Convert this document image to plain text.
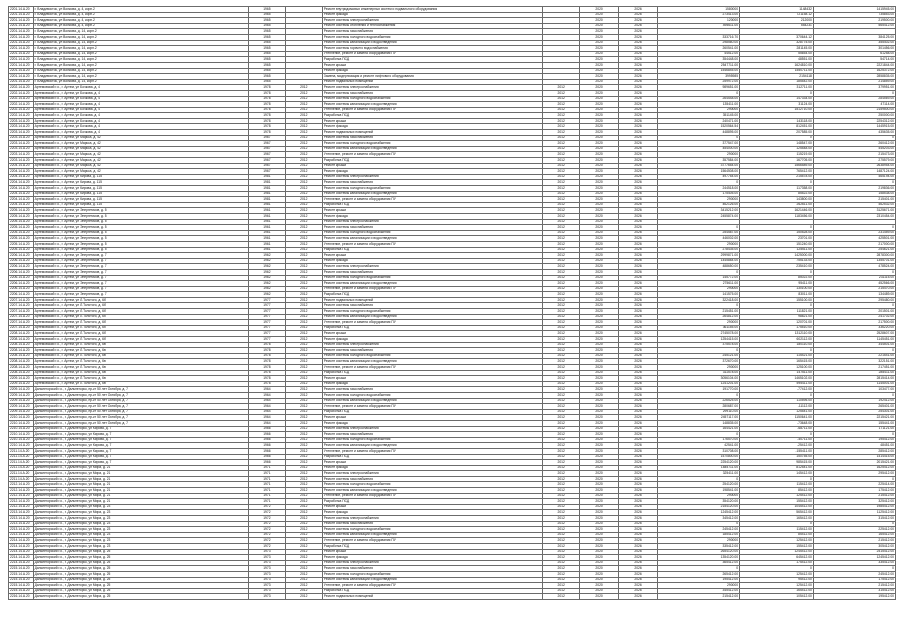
2201.14.A.20	г. Владивосток, ул Волкова, д. 4, корп.2	1965		Ремонт внутридомовых инженерных систем и подвального оборудования		2020	2026	1580000	1148432	1415945.00
2201.14.A.20	г. Владивосток, ул Волкова, д. 4, корп.2	1965		Ремонт фасада		2020	2026	273413.00	721158.12	735853.00
2201.14.A.20	г. Владивосток, ул Волкова, д. 4, корп.2	1965		Ремонт системы электроснабжения		2020	2026	120000	212000	219500.00
2201.14.A.20	г. Владивосток, ул Волкова, д. 4, корп.2	1965		Ремонт системы отопления и теплоснабжения		2020	2026	495611.00	554231	565412.00
2201.14.A.20	г. Владивосток, ул Волкова, д. 14, корп.2	1965		Ремонт системы газоснабжения		2020	2026			
2201.14.A.20	г. Владивосток, ул Волкова, д. 14, корп.2	1965		Ремонт системы холодного водоснабжения		2020	2026	333716.70	370644.12	384125.00
2201.14.A.20	г. Владивосток, ул Волкова, д. 14, корп.2	1965		Ремонт системы канализации и водоотведения		2020	2026	298560.00	328775.00	355402.00
2201.14.A.20	г. Владивосток, ул Волкова, д. 14, корп.2	1965		Ремонт системы горячего водоснабжения		2020	2026	260541.00	281145.00	301456.00
2201.14.A.20	г. Владивосток, ул Волкова, д. 14, корп.2	1965		Утепление, ремонт и замена оборудования ПУ		2020	2026	44512.00	55654.00	61258.00
2201.14.A.20	г. Владивосток, ул Волкова, д. 14, корп.2	1965		Разработка ПСД		2020	2026	354448.00	48551.00	54714.00
2201.14.A.20	г. Владивосток, ул Волкова, д. 14, корп.2	1965		Ремонт крыши		2020	2026	2547711.00	1624810.00	2221844.00
2201.14.A.20	г. Владивосток, ул Волкова, д. 14, корп.2	1965		Ремонт фасада		2020	2026	1546845.00	1550711.00	1625372.00
2201.14.A.20	г. Владивосток, ул Волкова, д. 14, корп.2	1965		Замена, модернизация и ремонт лифтового оборудования		2020	2026	3995985	2154118	2858835.00
2201.14.A.20	г. Владивосток, ул Волкова, д. 14, корп.2	1965		Ремонт подвальных помещений		2020	2026	259972.00	185542.00	214859.00
2202.14.A.20	Артемовский г.о., г. Артем, ул Бочкова, д. 4	1978	2012	Ремонт системы электроснабжения	2012	2020	2026	989651.00	312711.00	379951.00
2202.14.A.20	Артемовский г.о., г. Артем, ул Бочкова, д. 4	1978	2012	Ремонт системы газоснабжения	2012	2020	2026	0	0	0
2202.14.A.20	Артемовский г.о., г. Артем, ул Бочкова, д. 4	1978	2012	Ремонт системы холодного водоснабжения	2012	2020	2026	264548.00	147334.00	284569.00
2202.14.A.20	Артемовский г.о., г. Артем, ул Бочкова, д. 4	1978	2012	Ремонт системы канализации и водоотведения	2012	2020	2026	135411.00	31124.00	47114.00
2202.14.A.20	Артемовский г.о., г. Артем, ул Бочкова, д. 4	1978	2012	Утепление, ремонт и замена оборудования ПУ	2012	2020	2026	290000	1512710.00	2159500.00
2202.14.A.20	Артемовский г.о., г. Артем, ул Бочкова, д. 4	1978	2012	Разработка ПСД	2012	2020	2026	351145.00		250000.00
2203.14.A.20	Артемовский г.о., г. Артем, ул Бочкова, д. 4	1978	2012	Ремонт крыши	2012	2020	2026	240471.00	143118.00	2254312.00
2203.14.A.20	Артемовский г.о., г. Артем, ул Бочкова, д. 4	1978	2012	Ремонт фасада	2012	2020	2026	1520564.54	812451.00	1445915.00
2203.14.A.20	Артемовский г.о., г. Артем, ул Бочкова, д. 4	1978	2012	Ремонт подвальных помещений	2012	2020	2026	448895.00	207585.00	435635.00
2203.14.A.20	Артемовский г.о., г. Артем, ул Маркса, д. 42	1967	2012	Ремонт системы газоснабжения	2012	2020	2026	0	0	0
2203.14.A.20	Артемовский г.о., г. Артем, ул Маркса, д. 42	1967	2012	Ремонт системы холодного водоснабжения	2012	2020	2026	377547.00	148547.00	260412.00
2203.14.A.20	Артемовский г.о., г. Артем, ул Маркса, д. 42	1967	2012	Ремонт системы канализации и водоотведения	2012	2020	2026	454000.00	125548.00	445203.00
2203.14.A.20	Артемовский г.о., г. Артем, ул Маркса, д. 42	1967	2012	Утепление, ремонт и замена оборудования ПУ	2012	2020	2026	290000	115219.00	215473.00
2203.14.A.20	Артемовский г.о., г. Артем, ул Маркса, д. 42	1967	2012	Разработка ПСД	2012	2020	2026	357584.00	167705.00	275579.00
2204.14.A.20	Артемовский г.о., г. Артем, ул Маркса, д. 42	1967	2012	Ремонт крыши	2012	2020	2026	3777654.00	1566589.00	2638954.00
2204.14.A.20	Артемовский г.о., г. Артем, ул Маркса, д. 42	1967	2012	Ремонт фасада	2012	2020	2026	1564508.00	765412.00	1487124.00
2204.14.A.20	Артемовский г.о., г. Артем, ул Кирова, д. 115	1981	2012	Ремонт системы электроснабжения	2012	2020	2026	497754.00	215578.00	465194.00
2204.14.A.20	Артемовский г.о., г. Артем, ул Кирова, д. 115	1981	2012	Ремонт системы газоснабжения	2012	2020	2026	0	0	0
2204.14.A.20	Артемовский г.о., г. Артем, ул Кирова, д. 115	1981	2012	Ремонт системы холодного водоснабжения	2012	2020	2026	244518.00	117358.00	219836.00
2204.14.A.20	Артемовский г.о., г. Артем, ул Кирова, д. 115	1981	2012	Ремонт системы канализации и водоотведения	2012	2020	2026	175405.00	85522.00	158538.00
2204.14.A.20	Артемовский г.о., г. Артем, ул Кирова, д. 115	1981	2012	Утепление, ремонт и замена оборудования ПУ	2012	2020	2026	290000	143800.00	215401.00
2204.14.A.20	Артемовский г.о., г. Артем, ул Кирова, д. 115	1981	2012	Разработка ПСД	2012	2020	2026	462126.00	262611.00	462532.00
2205.14.A.20	Артемовский г.о., г. Артем, ул Энергетиков, д. 5	1961	2012	Ремонт крыши	2012	2020	2026	3415212.00	1621446.00	3125671.00
2205.14.A.20	Артемовский г.о., г. Артем, ул Энергетиков, д. 5	1961	2012	Ремонт фасада	2012	2020	2026	2455874.00	1183456.00	2310454.00
2205.14.A.20	Артемовский г.о., г. Артем, ул Энергетиков, д. 5	1961	2012	Ремонт системы электроснабжения	2012	2020	2026			
2205.14.A.20	Артемовский г.о., г. Артем, ул Энергетиков, д. 5	1961	2012	Ремонт системы газоснабжения	2012	2020	2026	0	0	0
2205.14.A.20	Артемовский г.о., г. Артем, ул Энергетиков, д. 5	1961	2012	Ремонт системы холодного водоснабжения	2012	2020	2026	254587.00	150528.00	231459.00
2205.14.A.20	Артемовский г.о., г. Артем, ул Энергетиков, д. 5	1961	2012	Ремонт системы канализации и водоотведения	2012	2020	2026	446002.00	23701.00	425501.00
2205.14.A.20	Артемовский г.о., г. Артем, ул Энергетиков, д. 5	1961	2012	Утепление, ремонт и замена оборудования ПУ	2012	2020	2026	290000	151240.00	217000.00
2205.14.A.20	Артемовский г.о., г. Артем, ул Энергетиков, д. 5	1961	2012	Разработка ПСД	2012	2020	2026	278435.00	125511.00	254621.00
2206.14.A.20	Артемовский г.о., г. Артем, ул Энергетиков, д. 7	1962	2012	Ремонт крыши	2012	2020	2026	2999871.00	1425000.00	2878300.00
2206.14.A.20	Артемовский г.о., г. Артем, ул Энергетиков, д. 7	1962	2012	Ремонт фасада	2012	2020	2026	1445884.00	755133.00	1355701.00
2206.14.A.20	Артемовский г.о., г. Артем, ул Энергетиков, д. 7	1962	2012	Ремонт системы электроснабжения	2012	2020	2026	488650.00	235410.00	478524.00
2206.14.A.20	Артемовский г.о., г. Артем, ул Энергетиков, д. 7	1962	2012	Ремонт системы газоснабжения	2012	2020	2026	0	0	0
2206.14.A.20	Артемовский г.о., г. Артем, ул Энергетиков, д. 7	1962	2012	Ремонт системы холодного водоснабжения	2012	2020	2026	145772.00	85022.00	231115.00
2206.14.A.20	Артемовский г.о., г. Артем, ул Энергетиков, д. 7	1962	2012	Ремонт системы канализации и водоотведения	2012	2020	2026	275611.00	95411.00	452566.00
2206.14.A.20	Артемовский г.о., г. Артем, ул Энергетиков, д. 7	1962	2012	Утепление, ремонт и замена оборудования ПУ	2012	2020	2026	290000	130100.00	215470.00
2206.14.A.20	Артемовский г.о., г. Артем, ул Энергетиков, д. 7	1962	2012	Разработка ПСД	2012	2020	2026	141575.00	83011.00	134489.00
2207.14.A.20	Артемовский г.о., г. Артем, ул Л.Толстого, д. 6б	1977	2012	Ремонт подвальных помещений	2012	2020	2026	322418.00	155100.00	295480.00
2207.14.A.20	Артемовский г.о., г. Артем, ул Л.Толстого, д. 6б	1977	2012	Ремонт системы газоснабжения	2012	2020	2026	0	0	0
2207.14.A.20	Артемовский г.о., г. Артем, ул Л.Толстого, д. 6б	1977	2012	Ремонт системы холодного водоснабжения	2012	2020	2026	215451.00	111821.00	201501.00
2207.14.A.20	Артемовский г.о., г. Артем, ул Л.Толстого, д. 6б	1977	2012	Ремонт системы канализации и водоотведения	2012	2020	2026	264812.00	98821.00	241702.00
2207.14.A.20	Артемовский г.о., г. Артем, ул Л.Толстого, д. 6б	1977	2012	Утепление, ремонт и замена оборудования ПУ	2012	2020	2026	290000	120701.00	217500.00
2207.14.A.20	Артемовский г.о., г. Артем, ул Л.Толстого, д. 6б	1977	2012	Разработка ПСД	2012	2020	2026	361155.00	175510.00	336220.00
2208.14.A.20	Артемовский г.о., г. Артем, ул Л.Толстого, д. 6б	1977	2012	Ремонт крыши	2012	2020	2026	2745078.00	1312110.00	2528607.00
2208.14.A.20	Артемовский г.о., г. Артем, ул Л.Толстого, д. 6б	1977	2012	Ремонт фасада	2012	2020	2026	1254415.00	602112.00	1145451.00
2208.14.A.20	Артемовский г.о., г. Артем, ул Л.Толстого, д. 6в	1978	2012	Ремонт системы электроснабжения	2012	2020	2026	375578.00	180110.00	344501.00
2208.14.A.20	Артемовский г.о., г. Артем, ул Л.Толстого, д. 6в	1978	2012	Ремонт системы газоснабжения	2012	2020	2026	0	0	0
2208.14.A.20	Артемовский г.о., г. Артем, ул Л.Толстого, д. 6в	1978	2012	Ремонт системы холодного водоснабжения	2012	2020	2026	245121.00	115421.00	221541.00
2208.14.A.20	Артемовский г.о., г. Артем, ул Л.Толстого, д. 6в	1978	2012	Ремонт системы канализации и водоотведения	2012	2020	2026	372670.00	165415.00	322151.00
2208.14.A.20	Артемовский г.о., г. Артем, ул Л.Толстого, д. 6в	1978	2012	Утепление, ремонт и замена оборудования ПУ	2012	2020	2026	290000	125100.00	217451.00
2208.14.A.20	Артемовский г.о., г. Артем, ул Л.Толстого, д. 6в	1978	2012	Разработка ПСД	2012	2020	2026	311578.00	147511.00	285411.00
2209.14.A.20	Артемовский г.о., г. Артем, ул Л.Толстого, д. 6в	1978	2012	Ремонт крыши	2012	2020	2026	3056104.00	1465102.00	2815414.00
2209.14.A.20	Артемовский г.о., г. Артем, ул Л.Толстого, д. 6в	1978	2012	Ремонт фасада	2012	2020	2026	1241201.00	595411.00	1145001.00
2209.14.A.20	Дальнегорский г.о., г. Дальнегорск, пр-кт 50 лет Октября, д. 7	1964	2012	Ремонт системы газоснабжения	2012	2020	2026	191770.00	-77412.00	103477.00
2209.14.A.20	Дальнегорский г.о., г. Дальнегорск, пр-кт 50 лет Октября, д. 7	1964	2012	Ремонт системы холодного водоснабжения	2012	2020	2026	0	0	0
2209.14.A.20	Дальнегорский г.о., г. Дальнегорск, пр-кт 50 лет Октября, д. 7	1964	2012	Ремонт системы канализации и водоотведения	2012	2020	2026	226525.00	110595.00	192412.00
2209.14.A.20	Дальнегорский г.о., г. Дальнегорск, пр-кт 50 лет Октября, д. 7	1964	2012	Утепление, ремонт и замена оборудования ПУ	2012	2020	2026	280687.00	-11112.00	265401.00
2209.14.A.20	Дальнегорский г.о., г. Дальнегорск, пр-кт 50 лет Октября, д. 7	1964	2012	Разработка ПСД	2012	2020	2026	299110.00	125541.00	254301.00
2210.14.A.20	Дальнегорский г.о., г. Дальнегорск, пр-кт 50 лет Октября, д. 7	1964	2012	Ремонт крыши	2012	2020	2026	2457117.00	1150641.00	2215421.00
2210.14.A.20	Дальнегорский г.о., г. Дальнегорск, пр-кт 50 лет Октября, д. 7	1964	2012	Ремонт фасада	2012	2020	2026	148835.00	-73648.00	155441.00
2210.14.A.20	Дальнегорский г.о., г. Дальнегорск, ул Кирова, д. 7	1966	2012	Ремонт системы электроснабжения	2012	2020	2026	164421.00	-68711.00	171121.00
2210.14.A.20	Дальнегорский г.о., г. Дальнегорск, ул Кирова, д. 7	1966	2012	Ремонт системы газоснабжения	2012	2020	2026	0	0	0
2210.14.A.20	Дальнегорский г.о., г. Дальнегорск, ул Кирова, д. 7	1966	2012	Ремонт системы холодного водоснабжения	2012	2020	2026	176570.00	-40711.00	195412.00
2210.14.A.20	Дальнегорский г.о., г. Дальнегорск, ул Кирова, д. 7	1966	2012	Ремонт системы канализации и водоотведения	2012	2020	2026	42541.00	-25412.00	48451.00
2211.14.A.20	Дальнегорский г.о., г. Дальнегорск, ул Кирова, д. 7	1966	2012	Утепление, ремонт и замена оборудования ПУ	2012	2020	2026	310708.00	-155411.00	285412.00
2211.14.A.20	Дальнегорский г.о., г. Дальнегорск, ул Кирова, д. 7	1966	2012	Разработка ПСД	2012	2020	2026	1570800.00	150755.00	1414415.00
2211.14.A.20	Дальнегорский г.о., г. Дальнегорск, ул Кирова, д. 7	1966	2012	Ремонт крыши	2012	2020	2026	2254120.00	985415.00	2015421.00
2211.14.A.20	Дальнегорский г.о., г. Дальнегорск, ул Мира, д. 21	1971	2012	Ремонт фасада	2012	2020	2026	1845711.00	812541.00	1625412.00
2211.14.A.20	Дальнегорский г.о., г. Дальнегорск, ул Мира, д. 21	1971	2012	Ремонт системы электроснабжения	2012	2020	2026	325411.00	145412.00	295412.00
2211.14.A.20	Дальнегорский г.о., г. Дальнегорск, ул Мира, д. 21	1971	2012	Ремонт системы газоснабжения	2012	2020	2026	0	0	0
2212.14.A.20	Дальнегорский г.о., г. Дальнегорск, ул Мира, д. 21	1971	2012	Ремонт системы холодного водоснабжения	2012	2020	2026	254120.00	115412.00	225414.00
2212.14.A.20	Дальнегорский г.о., г. Дальнегорск, ул Мира, д. 21	1971	2012	Ремонт системы канализации и водоотведения	2012	2020	2026	198541.00	85412.00	175412.00
2212.14.A.20	Дальнегорский г.о., г. Дальнегорск, ул Мира, д. 21	1971	2012	Утепление, ремонт и замена оборудования ПУ	2012	2020	2026	290000	125412.00	215412.00
2212.14.A.20	Дальнегорский г.о., г. Дальнегорск, ул Мира, д. 21	1971	2012	Разработка ПСД	2012	2020	2026	354120.00	155412.00	325412.00
2212.14.A.20	Дальнегорский г.о., г. Дальнегорск, ул Мира, д. 23	1972	2012	Ремонт крыши	2012	2020	2026	2154120.00	1045412.00	1985412.00
2213.14.A.20	Дальнегорский г.о., г. Дальнегорск, ул Мира, д. 23	1972	2012	Ремонт фасада	2012	2020	2026	1245412.00	565412.00	1125412.00
2213.14.A.20	Дальнегорский г.о., г. Дальнегорск, ул Мира, д. 23	1972	2012	Ремонт системы электроснабжения	2012	2020	2026	345412.00	165412.00	315412.00
2213.14.A.20	Дальнегорский г.о., г. Дальнегорск, ул Мира, д. 23	1972	2012	Ремонт системы газоснабжения	2012	2020	2026	0	0	0
2213.14.A.20	Дальнегорский г.о., г. Дальнегорск, ул Мира, д. 23	1972	2012	Ремонт системы холодного водоснабжения	2012	2020	2026	245412.00	115412.00	225412.00
2213.14.A.20	Дальнегорский г.о., г. Дальнегорск, ул Мира, д. 23	1972	2012	Ремонт системы канализации и водоотведения	2012	2020	2026	185412.00	85412.00	165412.00
2214.14.A.20	Дальнегорский г.о., г. Дальнегорск, ул Мира, д. 23	1972	2012	Утепление, ремонт и замена оборудования ПУ	2012	2020	2026	290000	125412.00	215412.00
2214.14.A.20	Дальнегорский г.о., г. Дальнегорск, ул Мира, д. 23	1972	2012	Разработка ПСД	2012	2020	2026	335412.00	155412.00	305412.00
2214.14.A.20	Дальнегорский г.о., г. Дальнегорск, ул Мира, д. 25	1973	2012	Ремонт крыши	2012	2020	2026	2654120.00	1245412.00	2415412.00
2214.14.A.20	Дальнегорский г.о., г. Дальнегорск, ул Мира, д. 25	1973	2012	Ремонт фасада	2012	2020	2026	1354120.00	645412.00	1245412.00
2214.14.A.20	Дальнегорский г.о., г. Дальнегорск, ул Мира, д. 25	1973	2012	Ремонт системы электроснабжения	2012	2020	2026	365412.00	175412.00	335412.00
2215.14.A.20	Дальнегорский г.о., г. Дальнегорск, ул Мира, д. 25	1973	2012	Ремонт системы газоснабжения	2012	2020	2026	0	0	0
2215.14.A.20	Дальнегорский г.о., г. Дальнегорск, ул Мира, д. 25	1973	2012	Ремонт системы холодного водоснабжения	2012	2020	2026	265412.00	125412.00	245412.00
2215.14.A.20	Дальнегорский г.о., г. Дальнегорск, ул Мира, д. 25	1973	2012	Ремонт системы канализации и водоотведения	2012	2020	2026	195412.00	95412.00	175412.00
2215.14.A.20	Дальнегорский г.о., г. Дальнегорск, ул Мира, д. 25	1973	2012	Утепление, ремонт и замена оборудования ПУ	2012	2020	2026	290000	125412.00	215412.00
2215.14.A.20	Дальнегорский г.о., г. Дальнегорск, ул Мира, д. 25	1973	2012	Разработка ПСД	2012	2020	2026	345412.00	165412.00	315412.00
2216.14.A.20	Дальнегорский г.о., г. Дальнегорск, ул Мира, д. 25	1973	2012	Ремонт подвальных помещений	2012	2020	2026	215412.00	105412.00	195412.00
